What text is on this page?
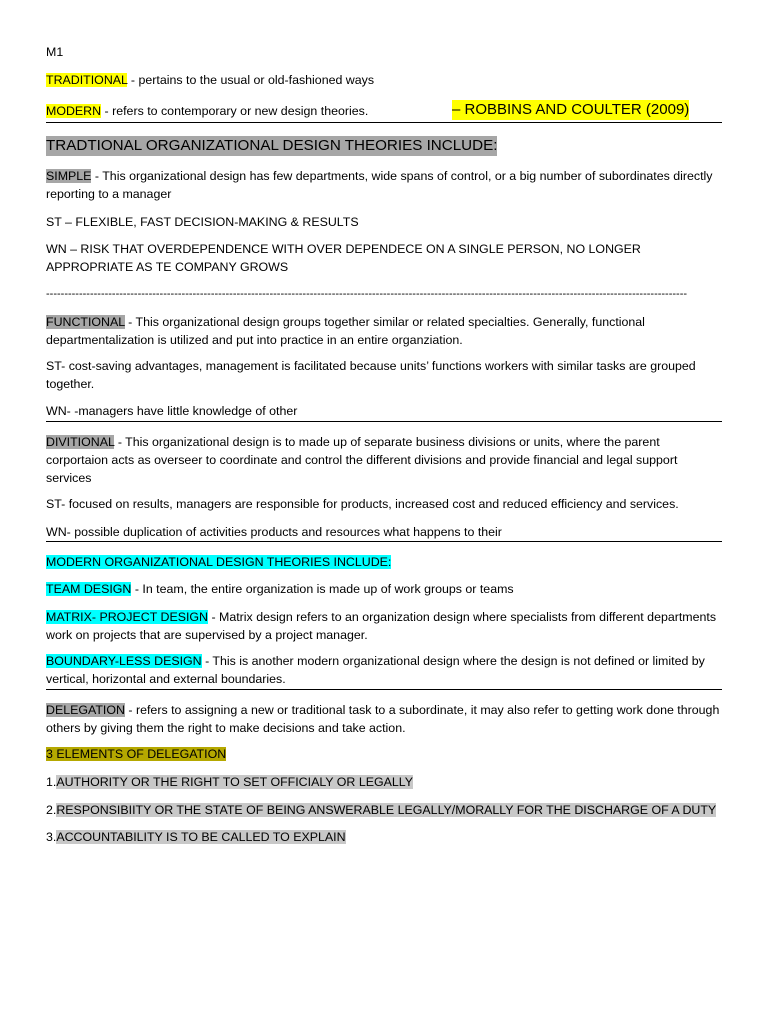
M1

TRADITIONAL - pertains to the usual or old-fashioned ways

MODERN - refers to contemporary or new design theories.	– ROBBINS AND COULTER (2009)
TRADTIONAL ORGANIZATIONAL DESIGN THEORIES INCLUDE:

SIMPLE - This organizational design has few departments, wide spans of control, or a big number of subordinates directly reporting to a manager

ST – FLEXIBLE, FAST DECISION-MAKING & RESULTS

WN – RISK THAT OVERDEPENDENCE WITH OVER DEPENDECE ON A SINGLE PERSON, NO LONGER APPROPRIATE AS TE COMPANY GROWS

-------------------------------------------------------------------------------------------------------------------------------------------------------------------------------

FUNCTIONAL - This organizational design groups together similar or related specialties. Generally, functional departmentalization is utilized and put into practice in an entire organziation.

ST- cost-saving advantages, management is facilitated because units’ functions workers with similar tasks are grouped together.

WN- -managers have little knowledge of other

DIVITIONAL - This organizational design is to made up of separate business divisions or units, where the parent corportaion acts as overseer to coordinate and control the different divisions and provide financial and legal support services

ST- focused on results, managers are responsible for products, increased cost and reduced efficiency and services.

WN- possible duplication of activities products and resources what happens to their

MODERN ORGANIZATIONAL DESIGN THEORIES INCLUDE:

TEAM DESIGN - In team, the entire organization is made up of work groups or teams

MATRIX- PROJECT DESIGN - Matrix design refers to an organization design where specialists from different departments work on projects that are supervised by a project manager.

BOUNDARY-LESS DESIGN - This is another modern organizational design where the design is not defined or limited by vertical, horizontal and external boundaries.

DELEGATION - refers to assigning a new or traditional task to a subordinate, it may also refer to getting work done through others by giving them the right to make decisions and take action.

3 ELEMENTS OF DELEGATION

1.AUTHORITY OR THE RIGHT TO SET OFFICIALY OR LEGALLY

2.RESPONSIBIITY OR THE STATE OF BEING ANSWERABLE LEGALLY/MORALLY FOR THE DISCHARGE OF A DUTY

3.ACCOUNTABILITY IS TO BE CALLED TO EXPLAIN
